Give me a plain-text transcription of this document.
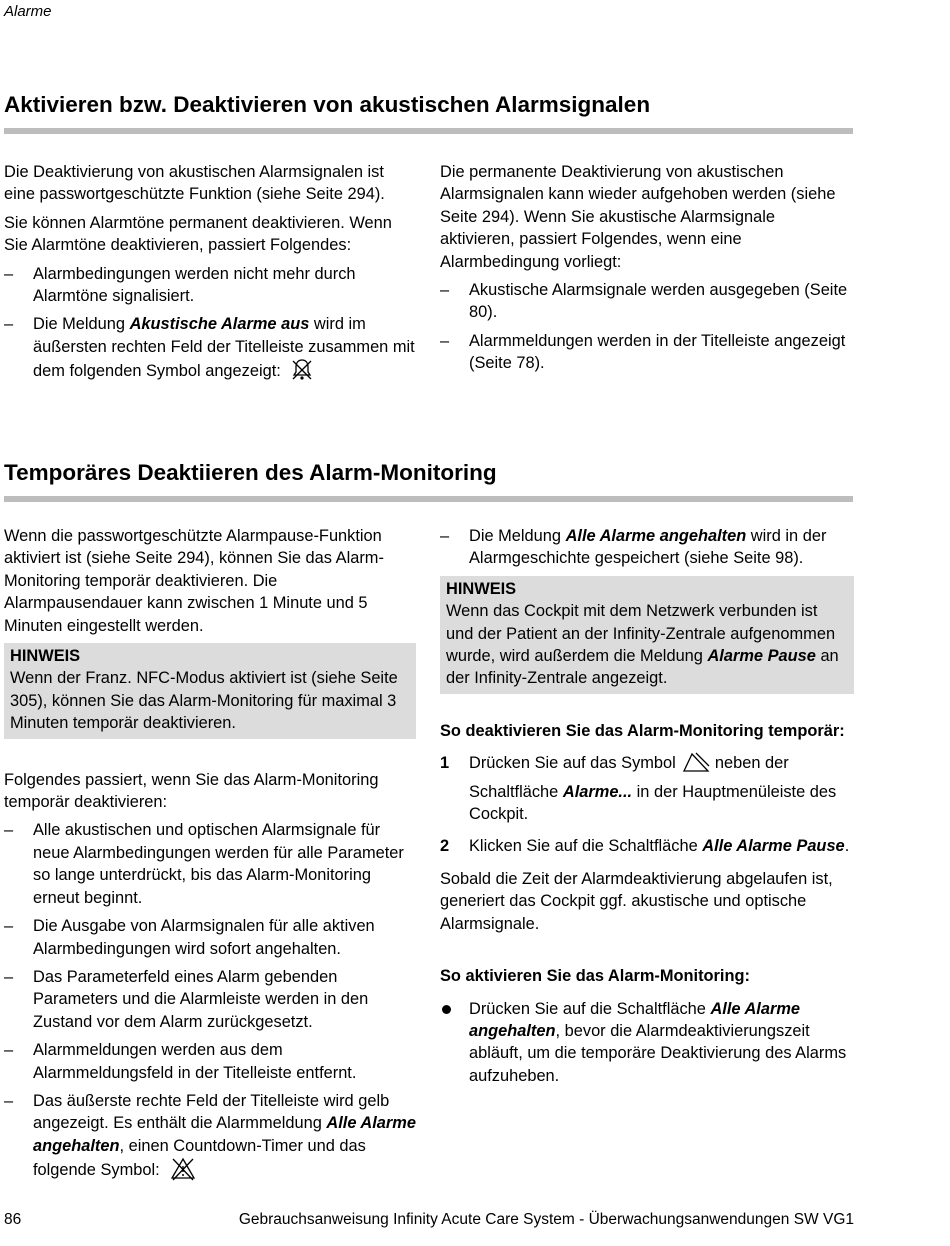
Alarme
Aktivieren bzw. Deaktivieren von akustischen Alarmsignalen

Die Deaktivierung von akustischen Alarmsignalen ist eine passwortgeschützte Funktion (siehe Seite 294).

Sie können Alarmtöne permanent deaktivieren. Wenn Sie Alarmtöne deaktivieren, passiert Folgendes:

– Alarmbedingungen werden nicht mehr durch Alarmtöne signalisiert.
– Die Meldung Akustische Alarme aus wird im äußersten rechten Feld der Titelleiste zusammen mit dem folgenden Symbol angezeigt:

Die permanente Deaktivierung von akustischen Alarmsignalen kann wieder aufgehoben werden (siehe Seite 294). Wenn Sie akustische Alarmsignale aktivieren, passiert Folgendes, wenn eine Alarmbedingung vorliegt:

– Akustische Alarmsignale werden ausgegeben (Seite 80).
– Alarmmeldungen werden in der Titelleiste angezeigt (Seite 78).
Temporäres Deaktiieren des Alarm-Monitoring

Wenn die passwortgeschützte Alarmpause-Funktion aktiviert ist (siehe Seite 294), können Sie das Alarm-Monitoring temporär deaktivieren. Die Alarmpausendauer kann zwischen 1 Minute und 5 Minuten eingestellt werden.

HINWEIS
Wenn der Franz. NFC-Modus aktiviert ist (siehe Seite 305), können Sie das Alarm-Monitoring für maximal 3 Minuten temporär deaktivieren.

Folgendes passiert, wenn Sie das Alarm-Monitoring temporär deaktivieren:

– Alle akustischen und optischen Alarmsignale für neue Alarmbedingungen werden für alle Parameter so lange unterdrückt, bis das Alarm-Monitoring erneut beginnt.
– Die Ausgabe von Alarmsignalen für alle aktiven Alarmbedingungen wird sofort angehalten.
– Das Parameterfeld eines Alarm gebenden Parameters und die Alarmleiste werden in den Zustand vor dem Alarm zurückgesetzt.
– Alarmmeldungen werden aus dem Alarmmeldungsfeld in der Titelleiste entfernt.
– Das äußerste rechte Feld der Titelleiste wird gelb angezeigt. Es enthält die Alarmmeldung Alle Alarme angehalten, einen Countdown-Timer und das folgende Symbol:
– Die Meldung Alle Alarme angehalten wird in der Alarmgeschichte gespeichert (siehe Seite 98).
HINWEIS
Wenn das Cockpit mit dem Netzwerk verbunden ist und der Patient an der Infinity-Zentrale aufgenommen wurde, wird außerdem die Meldung Alarme Pause an der Infinity-Zentrale angezeigt.

So deaktivieren Sie das Alarm-Monitoring temporär:

1 Drücken Sie auf das Symbol  neben der Schaltfläche Alarme... in der Hauptmenüleiste des Cockpit.
2 Klicken Sie auf die Schaltfläche Alle Alarme Pause.

Sobald die Zeit der Alarmdeaktivierung abgelaufen ist, generiert das Cockpit ggf. akustische und optische Alarmsignale.

So aktivieren Sie das Alarm-Monitoring:

Drücken Sie auf die Schaltfläche Alle Alarme angehalten, bevor die Alarmdeaktivierungszeit abläuft, um die temporäre Deaktivierung des Alarms aufzuheben.
86	Gebrauchsanweisung Infinity Acute Care System - Überwachungsanwendungen SW VG1
